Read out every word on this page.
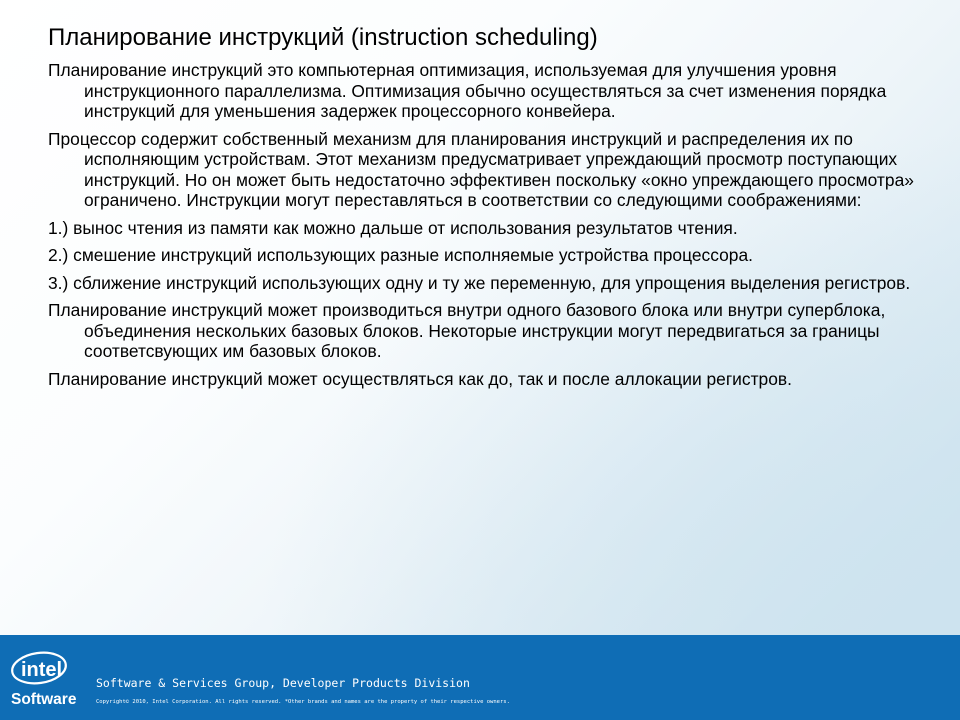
Планирование инструкций (instruction scheduling)

Планирование инструкций это компьютерная оптимизация, используемая для улучшения уровня инструкционного параллелизма. Оптимизация обычно осуществляться за счет изменения порядка инструкций для уменьшения задержек процессорного конвейера.

Процессор содержит собственный механизм для планирования инструкций и распределения их по исполняющим устройствам. Этот механизм предусматривает упреждающий просмотр поступающих инструкций. Но он может быть недостаточно эффективен поскольку «окно упреждающего просмотра» ограничено. Инструкции могут переставляться в соответствии со следующими соображениями:

1.) вынос чтения из памяти как можно дальше от использования результатов чтения.

2.) смешение инструкций использующих разные исполняемые устройства процессора.

3.) сближение инструкций использующих одну и ту же переменную, для упрощения выделения регистров.

Планирование инструкций может производиться внутри одного базового блока или внутри суперблока, объединения нескольких базовых блоков. Некоторые инструкции могут передвигаться за границы соответсвующих им базовых блоков.

Планирование инструкций может осуществляться как до, так и после аллокации регистров.

intel
Software
Software & Services Group, Developer Products Division
Copyright© 2010, Intel Corporation. All rights reserved. *Other brands and names are the property of their respective owners.
